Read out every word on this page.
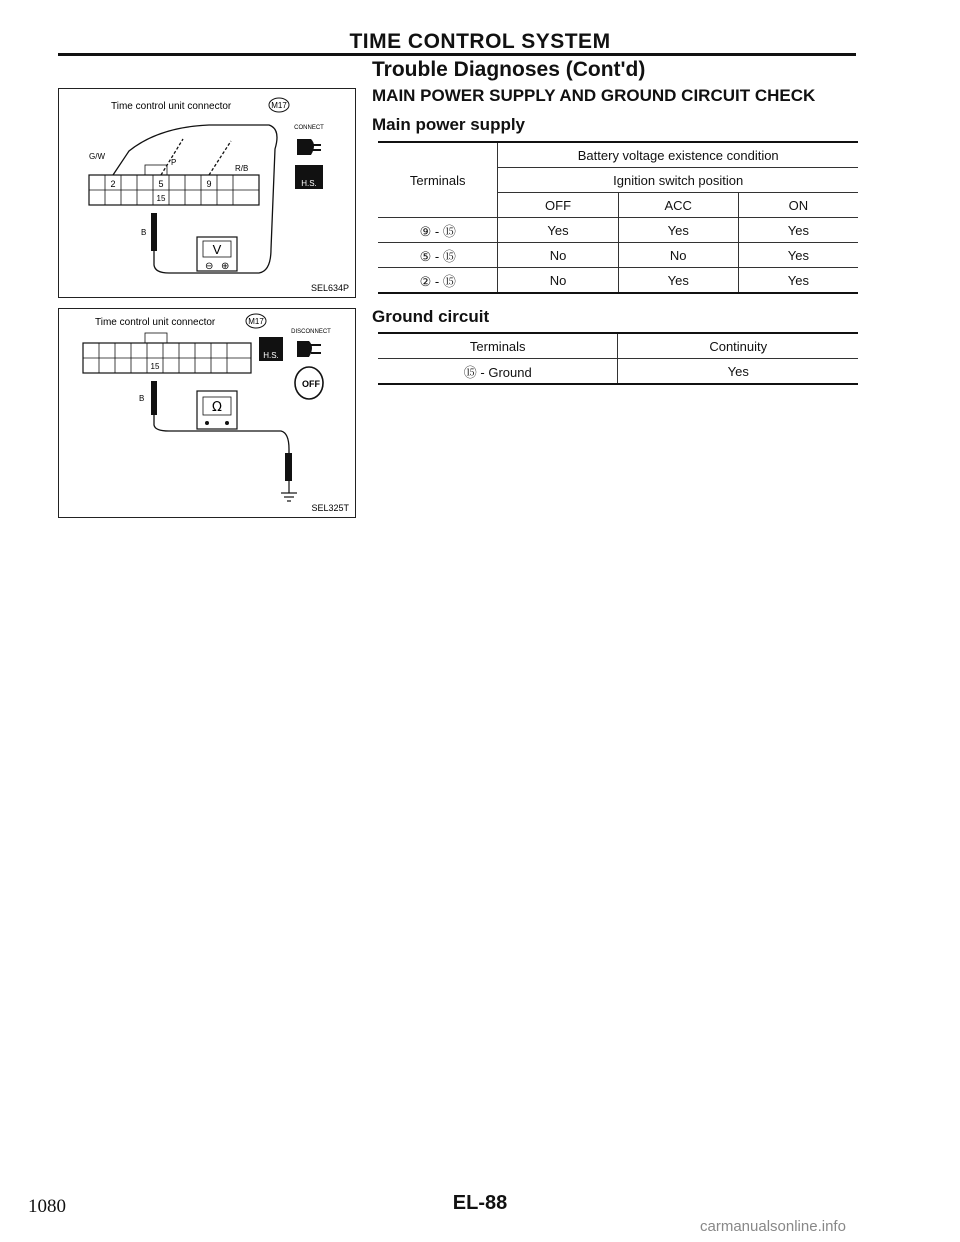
TIME CONTROL SYSTEM
Trouble Diagnoses (Cont'd)
MAIN POWER SUPPLY AND GROUND CIRCUIT CHECK
Main power supply
Time control unit connector	M17
2	5	9
15
G/W
P
R/B
B
V
⊖ ⊕
CONNECT
H.S.
SEL634P
Time control unit connector	M17
15
B
Ω
DISCONNECT
H.S.
OFF
SEL325T
Terminals	Battery voltage existence condition		
	Ignition switch position		
	OFF	ACC	ON
⑨ - ⑮	Yes	Yes	Yes
⑤ - ⑮	No	No	Yes
② - ⑮	No	Yes	Yes
Ground circuit
Terminals	Continuity
⑮ - Ground	Yes
EL-88
1080
carmanualsonline.info
